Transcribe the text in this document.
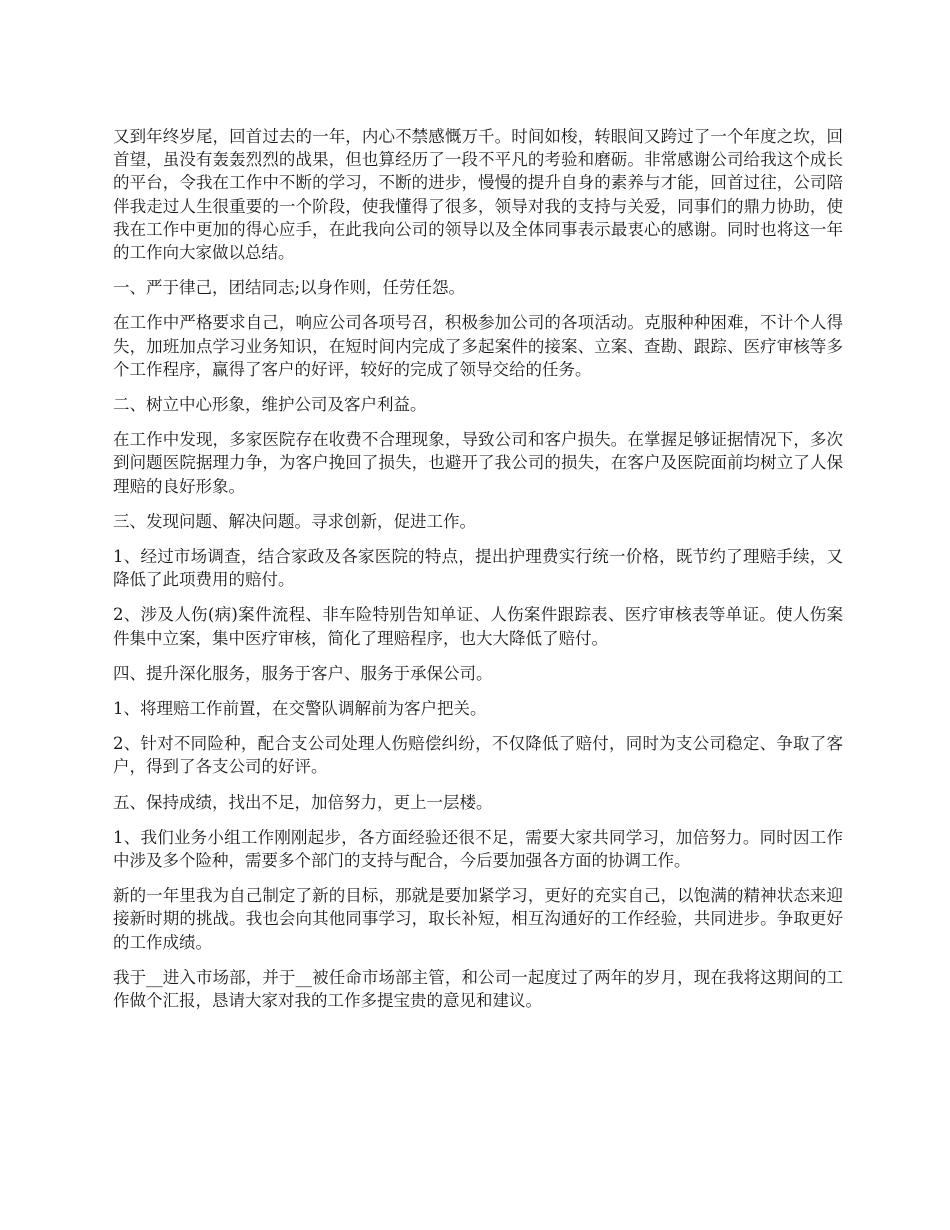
又到年终岁尾，回首过去的一年，内心不禁感慨万千。时间如梭，转眼间又跨过了一个年度之坎，回首望，虽没有轰轰烈烈的战果，但也算经历了一段不平凡的考验和磨砺。非常感谢公司给我这个成长的平台，令我在工作中不断的学习，不断的进步，慢慢的提升自身的素养与才能，回首过往，公司陪伴我走过人生很重要的一个阶段，使我懂得了很多，领导对我的支持与关爱，同事们的鼎力协助，使我在工作中更加的得心应手，在此我向公司的领导以及全体同事表示最衷心的感谢。同时也将这一年的工作向大家做以总结。

一、严于律己，团结同志;以身作则，任劳任怨。

在工作中严格要求自己，响应公司各项号召，积极参加公司的各项活动。克服种种困难，不计个人得失，加班加点学习业务知识，在短时间内完成了多起案件的接案、立案、查勘、跟踪、医疗审核等多个工作程序，赢得了客户的好评，较好的完成了领导交给的任务。

二、树立中心形象，维护公司及客户利益。

在工作中发现，多家医院存在收费不合理现象，导致公司和客户损失。在掌握足够证据情况下，多次到问题医院据理力争，为客户挽回了损失，也避开了我公司的损失，在客户及医院面前均树立了人保理赔的良好形象。

三、发现问题、解决问题。寻求创新，促进工作。

1、经过市场调查，结合家政及各家医院的特点，提出护理费实行统一价格，既节约了理赔手续，又降低了此项费用的赔付。

2、涉及人伤(病)案件流程、非车险特别告知单证、人伤案件跟踪表、医疗审核表等单证。使人伤案件集中立案，集中医疗审核，简化了理赔程序，也大大降低了赔付。

四、提升深化服务，服务于客户、服务于承保公司。

1、将理赔工作前置，在交警队调解前为客户把关。

2、针对不同险种，配合支公司处理人伤赔偿纠纷，不仅降低了赔付，同时为支公司稳定、争取了客户，得到了各支公司的好评。

五、保持成绩，找出不足，加倍努力，更上一层楼。

1、我们业务小组工作刚刚起步，各方面经验还很不足，需要大家共同学习，加倍努力。同时因工作中涉及多个险种，需要多个部门的支持与配合，今后要加强各方面的协调工作。

新的一年里我为自己制定了新的目标，那就是要加紧学习，更好的充实自己，以饱满的精神状态来迎接新时期的挑战。我也会向其他同事学习，取长补短，相互沟通好的工作经验，共同进步。争取更好的工作成绩。

我于__进入市场部，并于__被任命市场部主管，和公司一起度过了两年的岁月，现在我将这期间的工作做个汇报，恳请大家对我的工作多提宝贵的意见和建议。
